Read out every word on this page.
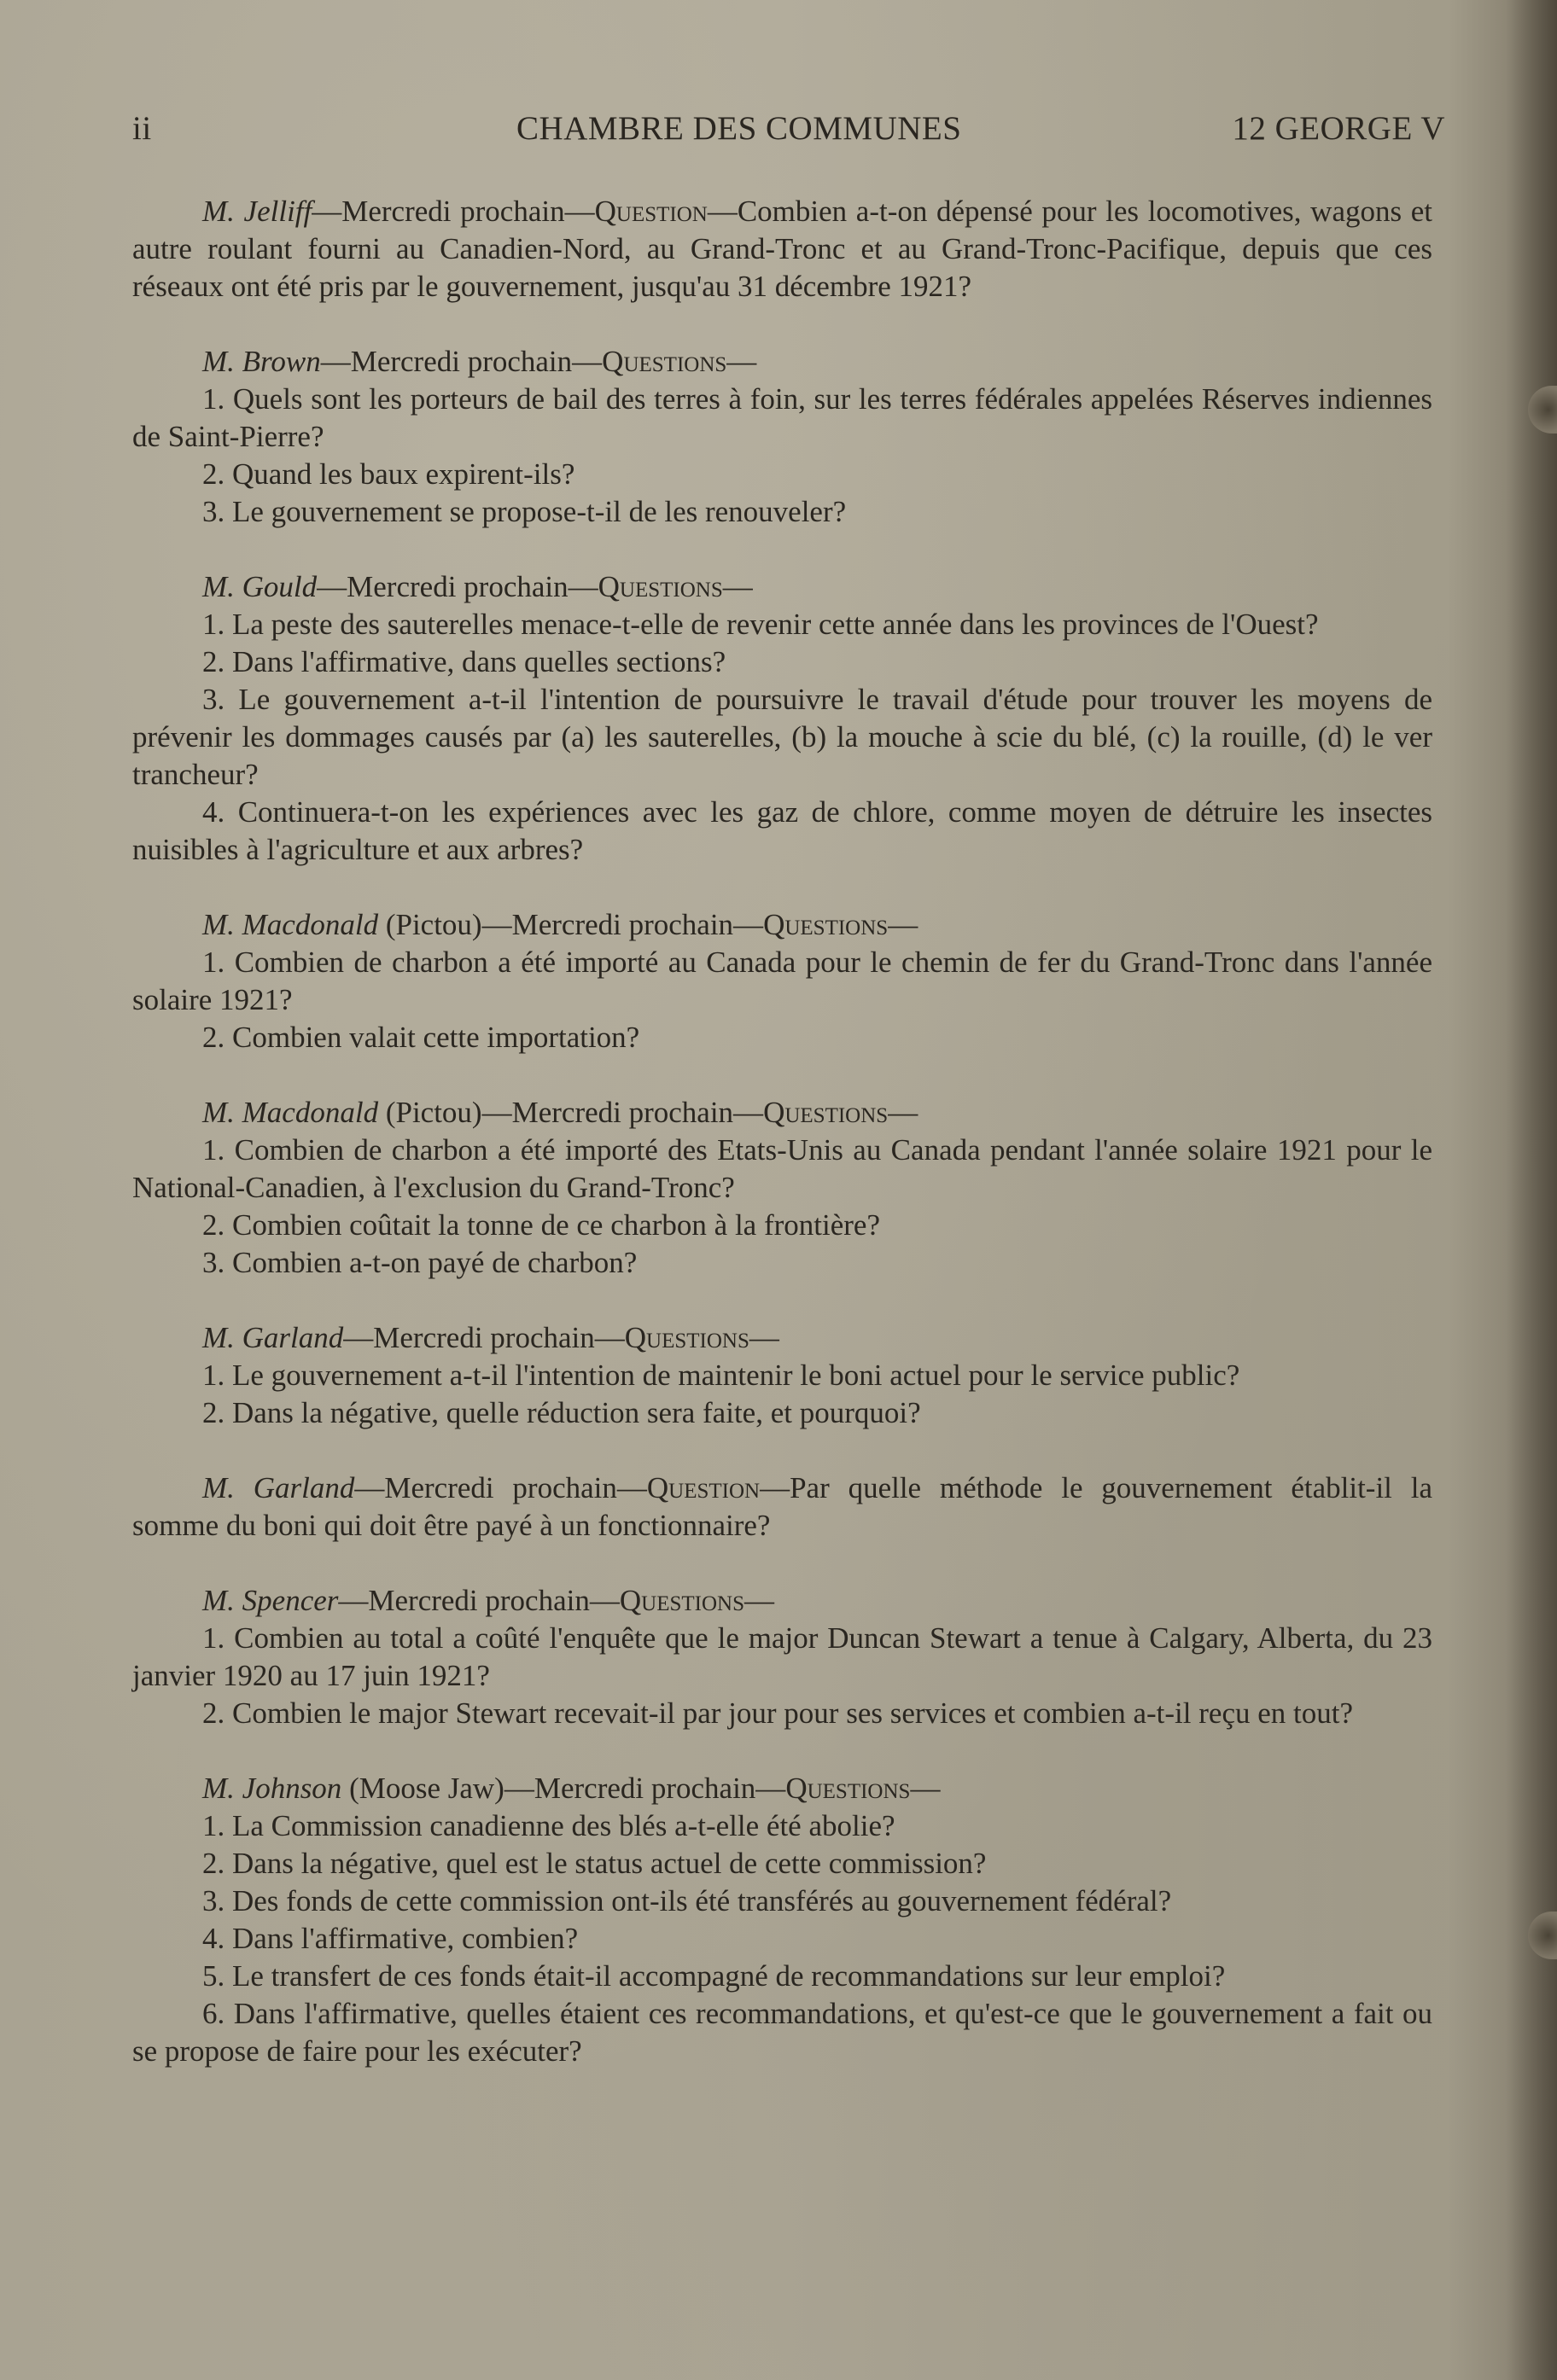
ii	CHAMBRE DES COMMUNES	12 GEORGE V

M. Jelliff—Mercredi prochain—Question—Combien a-t-on dépensé pour les locomotives, wagons et autre roulant fourni au Canadien-Nord, au Grand-Tronc et au Grand-Tronc-Pacifique, depuis que ces réseaux ont été pris par le gouvernement, jusqu'au 31 décembre 1921?

M. Brown—Mercredi prochain—Questions—

1. Quels sont les porteurs de bail des terres à foin, sur les terres fédérales appelées Réserves indiennes de Saint-Pierre?

2. Quand les baux expirent-ils?

3. Le gouvernement se propose-t-il de les renouveler?

M. Gould—Mercredi prochain—Questions—

1. La peste des sauterelles menace-t-elle de revenir cette année dans les provinces de l'Ouest?

2. Dans l'affirmative, dans quelles sections?

3. Le gouvernement a-t-il l'intention de poursuivre le travail d'étude pour trouver les moyens de prévenir les dommages causés par (a) les sauterelles, (b) la mouche à scie du blé, (c) la rouille, (d) le ver trancheur?

4. Continuera-t-on les expériences avec les gaz de chlore, comme moyen de détruire les insectes nuisibles à l'agriculture et aux arbres?

M. Macdonald (Pictou)—Mercredi prochain—Questions—

1. Combien de charbon a été importé au Canada pour le chemin de fer du Grand-Tronc dans l'année solaire 1921?

2. Combien valait cette importation?

M. Macdonald (Pictou)—Mercredi prochain—Questions—

1. Combien de charbon a été importé des Etats-Unis au Canada pendant l'année solaire 1921 pour le National-Canadien, à l'exclusion du Grand-Tronc?

2. Combien coûtait la tonne de ce charbon à la frontière?

3. Combien a-t-on payé de charbon?

M. Garland—Mercredi prochain—Questions—

1. Le gouvernement a-t-il l'intention de maintenir le boni actuel pour le service public?

2. Dans la négative, quelle réduction sera faite, et pourquoi?

M. Garland—Mercredi prochain—Question—Par quelle méthode le gouvernement établit-il la somme du boni qui doit être payé à un fonctionnaire?

M. Spencer—Mercredi prochain—Questions—

1. Combien au total a coûté l'enquête que le major Duncan Stewart a tenue à Calgary, Alberta, du 23 janvier 1920 au 17 juin 1921?

2. Combien le major Stewart recevait-il par jour pour ses services et combien a-t-il reçu en tout?

M. Johnson (Moose Jaw)—Mercredi prochain—Questions—

1. La Commission canadienne des blés a-t-elle été abolie?

2. Dans la négative, quel est le status actuel de cette commission?

3. Des fonds de cette commission ont-ils été transférés au gouvernement fédéral?

4. Dans l'affirmative, combien?

5. Le transfert de ces fonds était-il accompagné de recommandations sur leur emploi?

6. Dans l'affirmative, quelles étaient ces recommandations, et qu'est-ce que le gouvernement a fait ou se propose de faire pour les exécuter?
